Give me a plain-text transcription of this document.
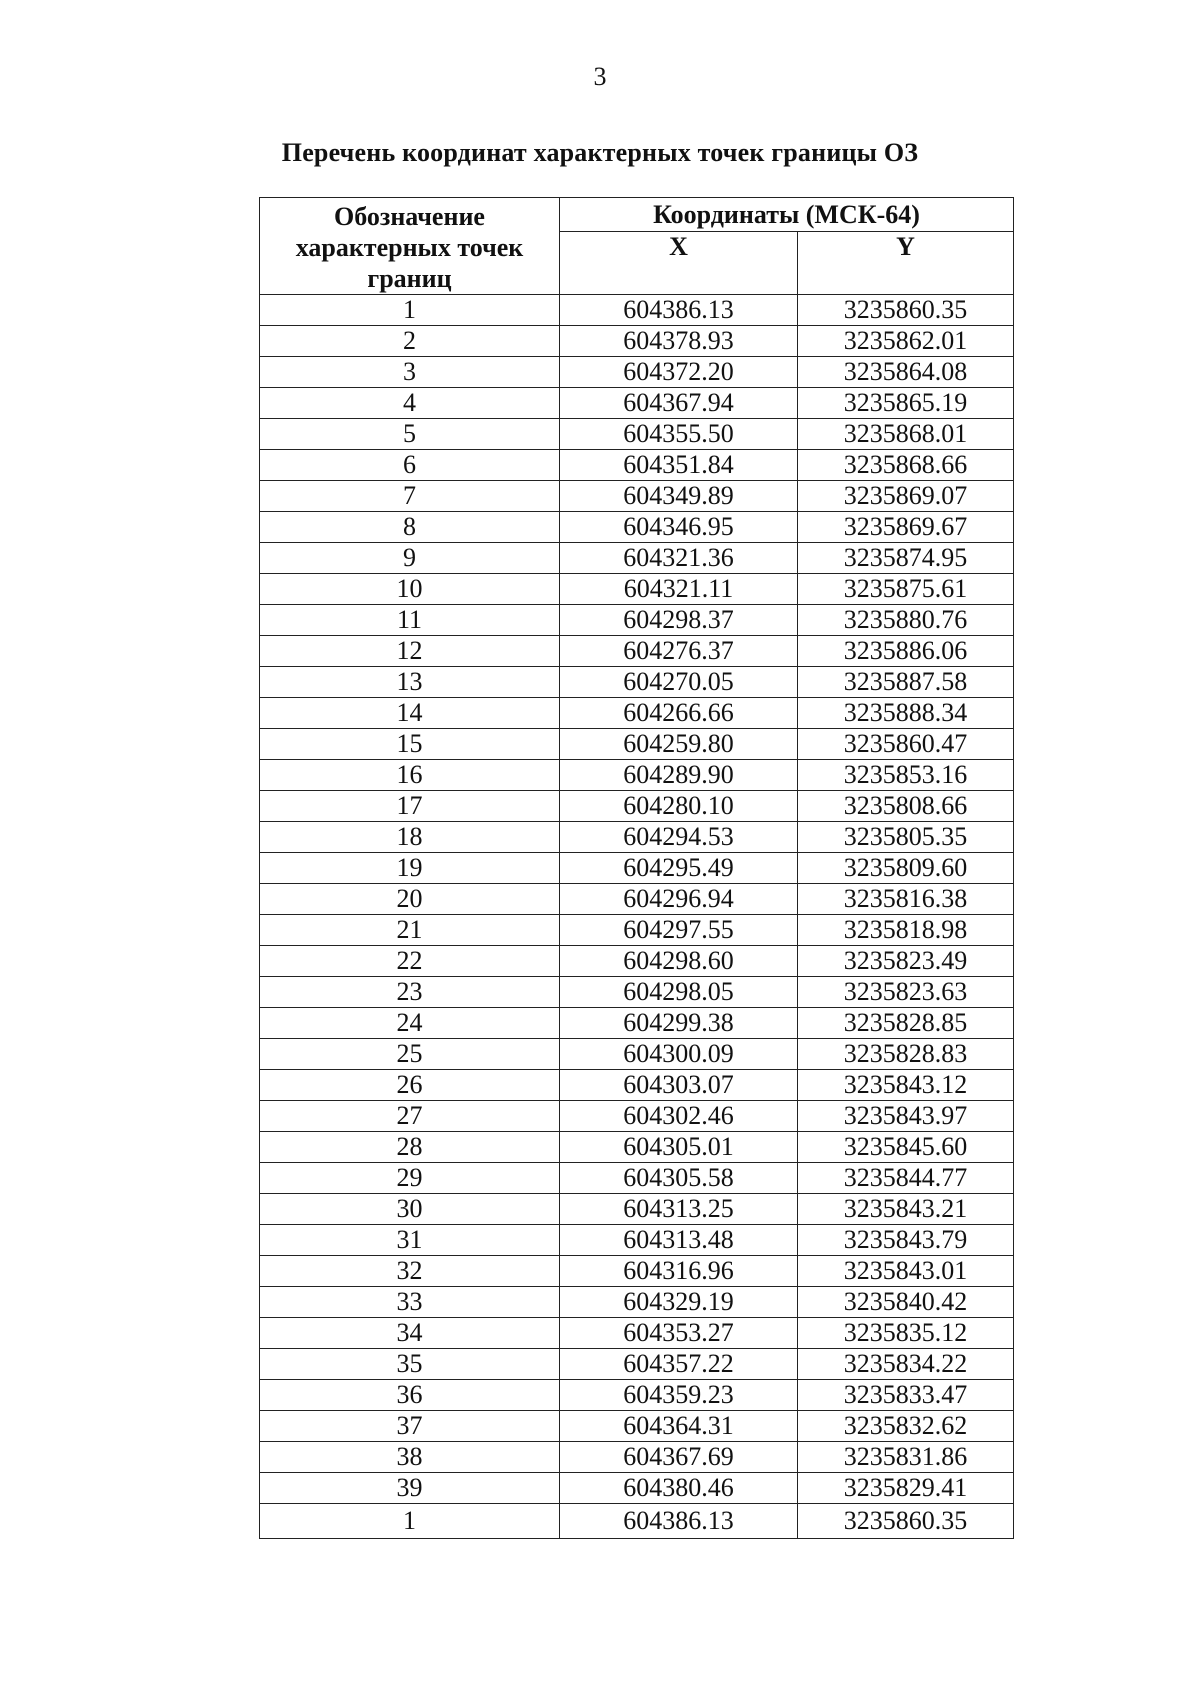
3
Перечень координат характерных точек границы ОЗ
Обозначение характерных точек границ	Координаты (МСК-64)	
	X	Y
1	604386.13	3235860.35
2	604378.93	3235862.01
3	604372.20	3235864.08
4	604367.94	3235865.19
5	604355.50	3235868.01
6	604351.84	3235868.66
7	604349.89	3235869.07
8	604346.95	3235869.67
9	604321.36	3235874.95
10	604321.11	3235875.61
11	604298.37	3235880.76
12	604276.37	3235886.06
13	604270.05	3235887.58
14	604266.66	3235888.34
15	604259.80	3235860.47
16	604289.90	3235853.16
17	604280.10	3235808.66
18	604294.53	3235805.35
19	604295.49	3235809.60
20	604296.94	3235816.38
21	604297.55	3235818.98
22	604298.60	3235823.49
23	604298.05	3235823.63
24	604299.38	3235828.85
25	604300.09	3235828.83
26	604303.07	3235843.12
27	604302.46	3235843.97
28	604305.01	3235845.60
29	604305.58	3235844.77
30	604313.25	3235843.21
31	604313.48	3235843.79
32	604316.96	3235843.01
33	604329.19	3235840.42
34	604353.27	3235835.12
35	604357.22	3235834.22
36	604359.23	3235833.47
37	604364.31	3235832.62
38	604367.69	3235831.86
39	604380.46	3235829.41
1	604386.13	3235860.35
